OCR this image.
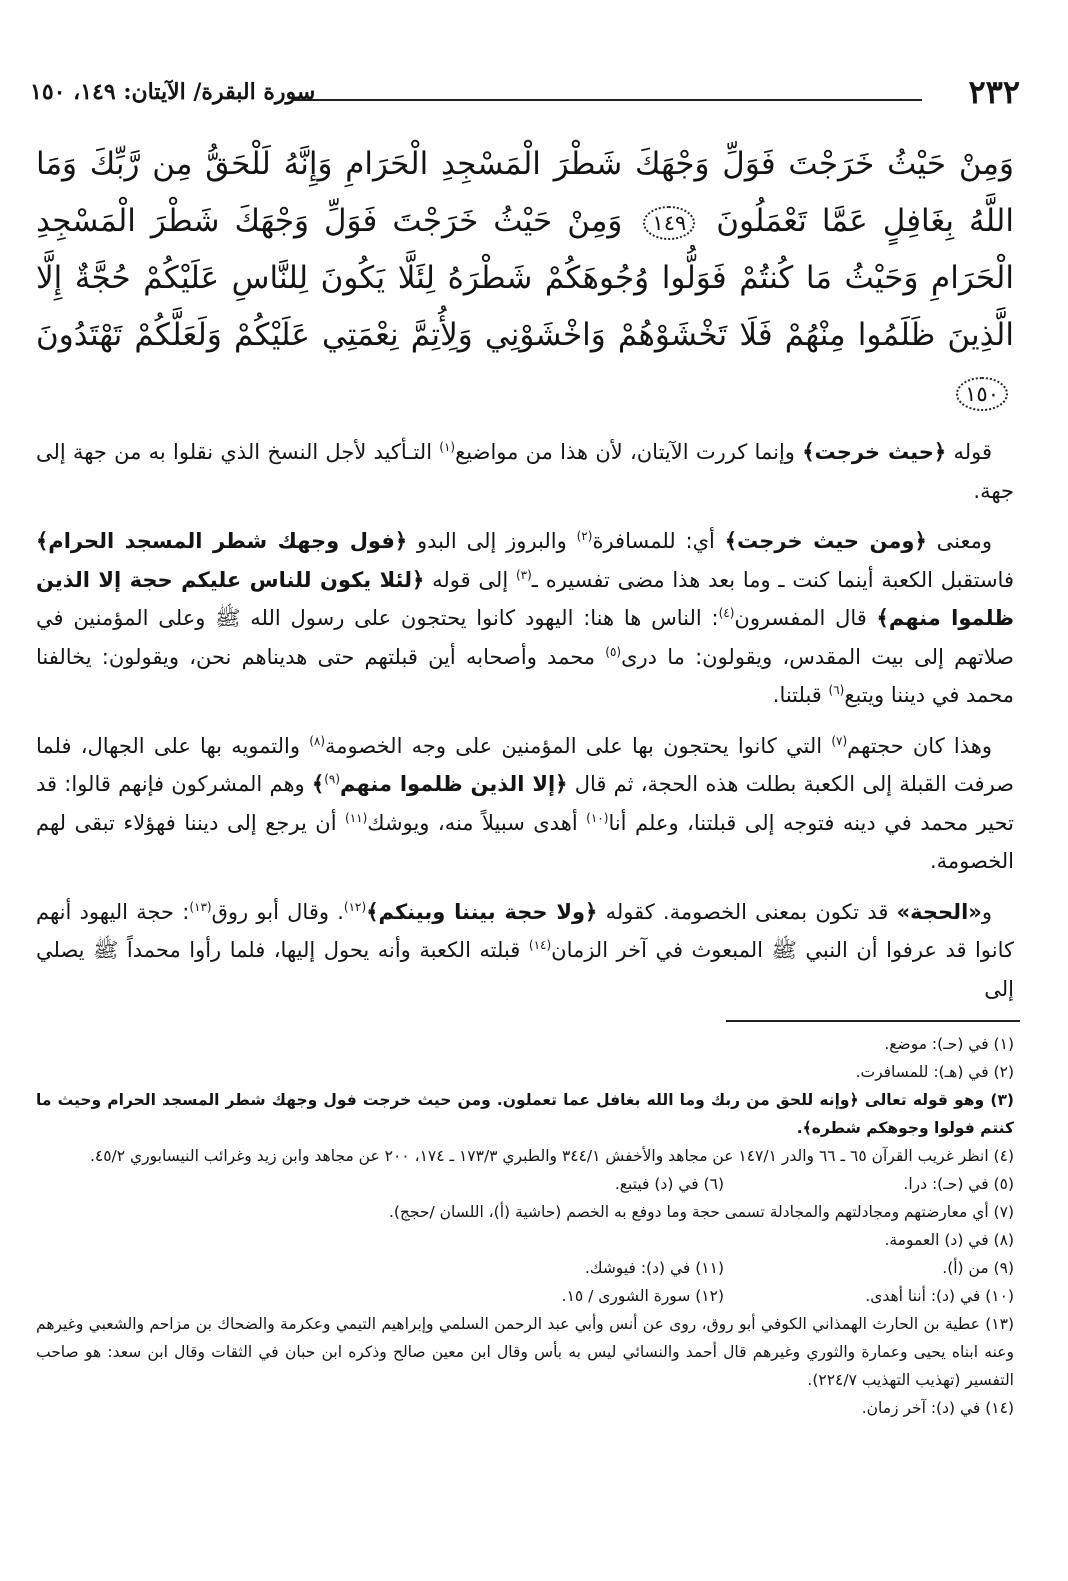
٢٣٢
سورة البقرة/ الآيتان: ١٤٩، ١٥٠
وَمِنْ حَيْثُ خَرَجْتَ فَوَلِّ وَجْهَكَ شَطْرَ الْمَسْجِدِ الْحَرَامِ وَإِنَّهُ لَلْحَقُّ مِن رَّبِّكَ وَمَا اللَّهُ بِغَافِلٍ عَمَّا تَعْمَلُونَ ١٤٩ وَمِنْ حَيْثُ خَرَجْتَ فَوَلِّ وَجْهَكَ شَطْرَ الْمَسْجِدِ الْحَرَامِ وَحَيْثُ مَا كُنتُمْ فَوَلُّوا وُجُوهَكُمْ شَطْرَهُ لِئَلَّا يَكُونَ لِلنَّاسِ عَلَيْكُمْ حُجَّةٌ إِلَّا الَّذِينَ ظَلَمُوا مِنْهُمْ فَلَا تَخْشَوْهُمْ وَاخْشَوْنِي وَلِأُتِمَّ نِعْمَتِي عَلَيْكُمْ وَلَعَلَّكُمْ تَهْتَدُونَ ١٥٠

قوله ﴿حيث خرجت﴾ وإنما كررت الآيتان، لأن هذا من مواضيع$^{(١)}$ التـأكيد لأجل النسخ الذي نقلوا به من جهة إلى جهة.

ومعنى ﴿ومن حيث خرجت﴾ أي: للمسافرة$^{(٢)}$ والبروز إلى البدو ﴿فول وجهك شطر المسجد الحرام﴾ فاستقبل الكعبة أينما كنت ـ وما بعد هذا مضى تفسيره ـ$^{(٣)}$ إلى قوله ﴿لئلا يكون للناس عليكم حجة إلا الذين ظلموا منهم﴾ قال المفسرون$^{(٤)}$: الناس ها هنا: اليهود كانوا يحتجون على رسول الله ﷺ وعلى المؤمنين في صلاتهم إلى بيت المقدس، ويقولون: ما درى$^{(٥)}$ محمد وأصحابه أين قبلتهم حتى هديناهم نحن، ويقولون: يخالفنا محمد في ديننا ويتبع$^{(٦)}$ قبلتنا.

وهذا كان حجتهم$^{(٧)}$ التي كانوا يحتجون بها على المؤمنين على وجه الخصومة$^{(٨)}$ والتمويه بها على الجهال، فلما صرفت القبلة إلى الكعبة بطلت هذه الحجة، ثم قال ﴿إلا الذين ظلموا منهم$^{(٩)}$﴾ وهم المشركون فإنهم قالوا: قد تحير محمد في دينه فتوجه إلى قبلتنا، وعلم أنا$^{(١٠)}$ أهدى سبيلاً منه، ويوشك$^{(١١)}$ أن يرجع إلى ديننا فهؤلاء تبقى لهم الخصومة.

و«الحجة» قد تكون بمعنى الخصومة. كقوله ﴿ولا حجة بيننا وبينكم﴾$^{(١٢)}$. وقال أبو روق$^{(١٣)}$: حجة اليهود أنهم كانوا قد عرفوا أن النبي ﷺ المبعوث في آخر الزمان$^{(١٤)}$ قبلته الكعبة وأنه يحول إليها، فلما رأوا محمداً ﷺ يصلي إلى

(١) في (حـ): موضع.

(٢) في (هـ): للمسافرت.

(٣) وهو قوله تعالى ﴿وإنه للحق من ربك وما الله بغافل عما تعملون. ومن حيث خرجت فول وجهك شطر المسجد الحرام وحيث ما كنتم فولوا وجوهكم شطره﴾.

(٤) انظر غريب القرآن ٦٥ ـ ٦٦ والدر ١٤٧/١ عن مجاهد والأخفش ٣٤٤/١ والطبري ١٧٣/٣ ـ ١٧٤، ٢٠٠ عن مجاهد وابن زيد وغرائب النيسابوري ٤٥/٢.

(٥) في (حـ): درا.

(٦) في (د) فيتبع.

(٧) أي معارضتهم ومجادلتهم والمجادلة تسمى حجة وما دوفع به الخصم (حاشية (أ)، اللسان /حجج).

(٨) في (د) العمومة.

(٩) من (أ).

(١١) في (د): فيوشك.

(١٠) في (د): أننا أهدى.

(١٢) سورة الشورى / ١٥.

(١٣) عطية بن الحارث الهمذاني الكوفي أبو روق، روى عن أنس وأبي عبد الرحمن السلمي وإبراهيم التيمي وعكرمة والضحاك بن مزاحم والشعبي وغيرهم وعنه ابناه يحيى وعمارة والثوري وغيرهم قال أحمد والنسائي ليس به بأس وقال ابن معين صالح وذكره ابن حبان في الثقات وقال ابن سعد: هو صاحب التفسير (تهذيب التهذيب ٢٢٤/٧).

(١٤) في (د): آخر زمان.
